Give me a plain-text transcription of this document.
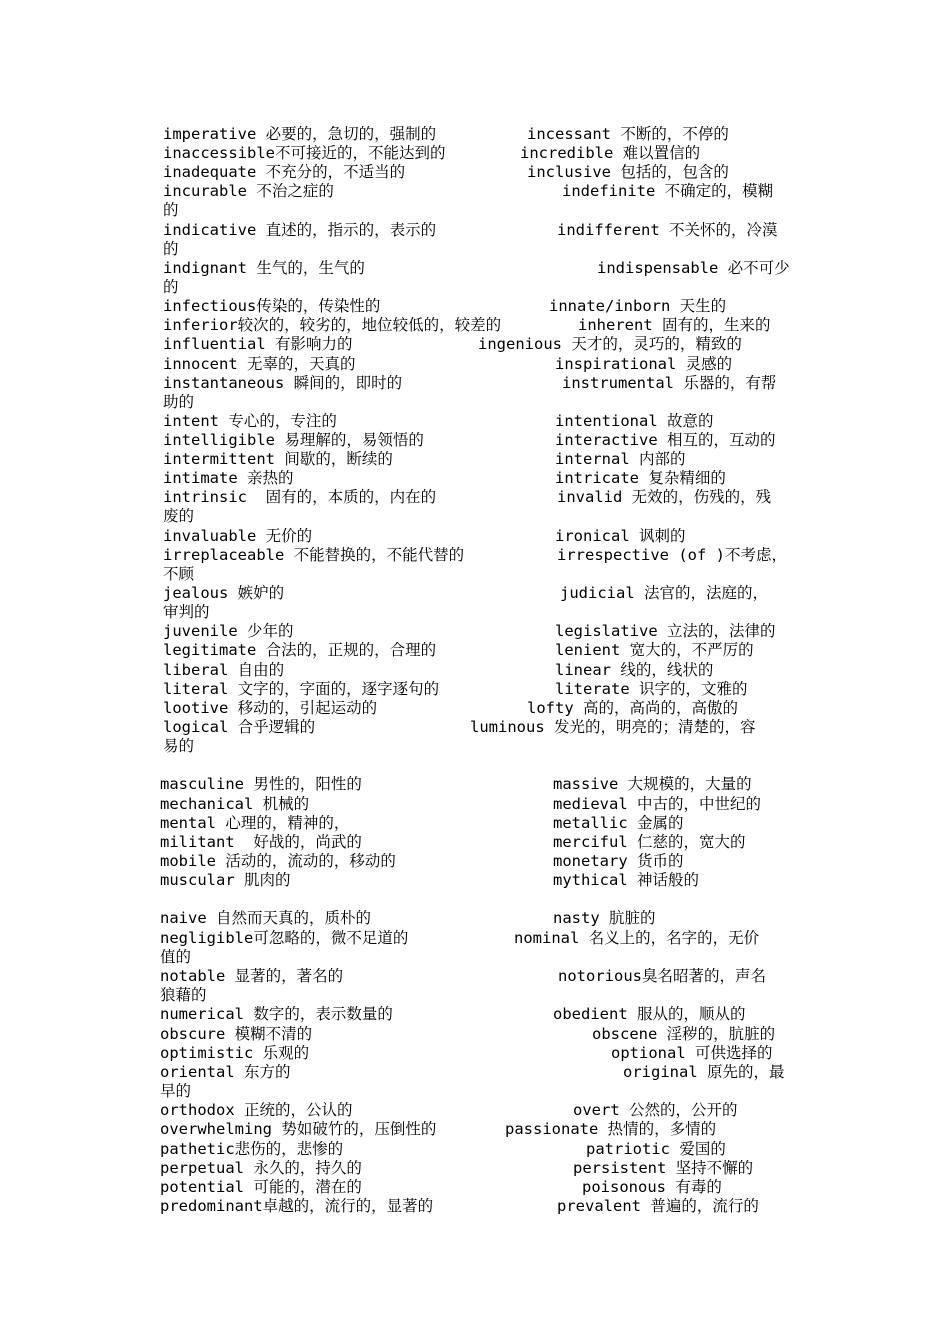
imperative 必要的，急切的，强制的	incessant 不断的，不停的
inaccessible不可接近的，不能达到的	incredible 难以置信的
inadequate 不充分的，不适当的	inclusive 包括的，包含的
incurable 不治之症的	indefinite 不确定的，模糊
的
indicative 直述的，指示的，表示的	indifferent 不关怀的，冷漠
的
indignant 生气的，生气的	indispensable 必不可少
的
infectious传染的，传染性的	innate/inborn 天生的
inferior较次的，较劣的，地位较低的，较差的	inherent 固有的，生来的
influential 有影响力的	ingenious 天才的，灵巧的，精致的
innocent 无辜的，天真的	inspirational 灵感的
instantaneous 瞬间的，即时的	instrumental 乐器的，有帮
助的
intent 专心的，专注的	intentional 故意的
intelligible 易理解的，易领悟的	interactive 相互的，互动的
intermittent 间歇的，断续的	internal 内部的
intimate 亲热的	intricate 复杂精细的
intrinsic  固有的，本质的，内在的	invalid 无效的，伤残的，残
废的
invaluable 无价的	ironical 讽刺的
irreplaceable 不能替换的，不能代替的	irrespective (of )不考虑，
不顾
jealous 嫉妒的	judicial 法官的，法庭的，
审判的
juvenile 少年的	legislative 立法的，法律的
legitimate 合法的，正规的，合理的	lenient 宽大的，不严厉的
liberal 自由的	linear 线的，线状的
literal 文字的，字面的，逐字逐句的	literate 识字的，文雅的
lootive 移动的，引起运动的	lofty 高的，高尚的，高傲的
logical 合乎逻辑的	luminous 发光的，明亮的；清楚的，容
易的
masculine 男性的，阳性的	massive 大规模的，大量的
mechanical 机械的	medieval 中古的，中世纪的
mental 心理的，精神的，	metallic 金属的
militant  好战的，尚武的	merciful 仁慈的，宽大的
mobile 活动的，流动的，移动的	monetary 货币的
muscular 肌肉的	mythical 神话般的
naive 自然而天真的，质朴的	nasty 肮脏的
negligible可忽略的，微不足道的	nominal 名义上的，名字的，无价
值的
notable 显著的，著名的	notorious臭名昭著的，声名
狼藉的
numerical 数字的，表示数量的	obedient 服从的，顺从的
obscure 模糊不清的	obscene 淫秽的，肮脏的
optimistic 乐观的	optional 可供选择的
oriental 东方的	original 原先的，最
早的
orthodox 正统的，公认的	overt 公然的，公开的
overwhelming 势如破竹的，压倒性的	passionate 热情的，多情的
pathetic悲伤的，悲惨的	patriotic 爱国的
perpetual 永久的，持久的	persistent 坚持不懈的
potential 可能的，潜在的	poisonous 有毒的
predominant卓越的，流行的，显著的	prevalent 普遍的，流行的
